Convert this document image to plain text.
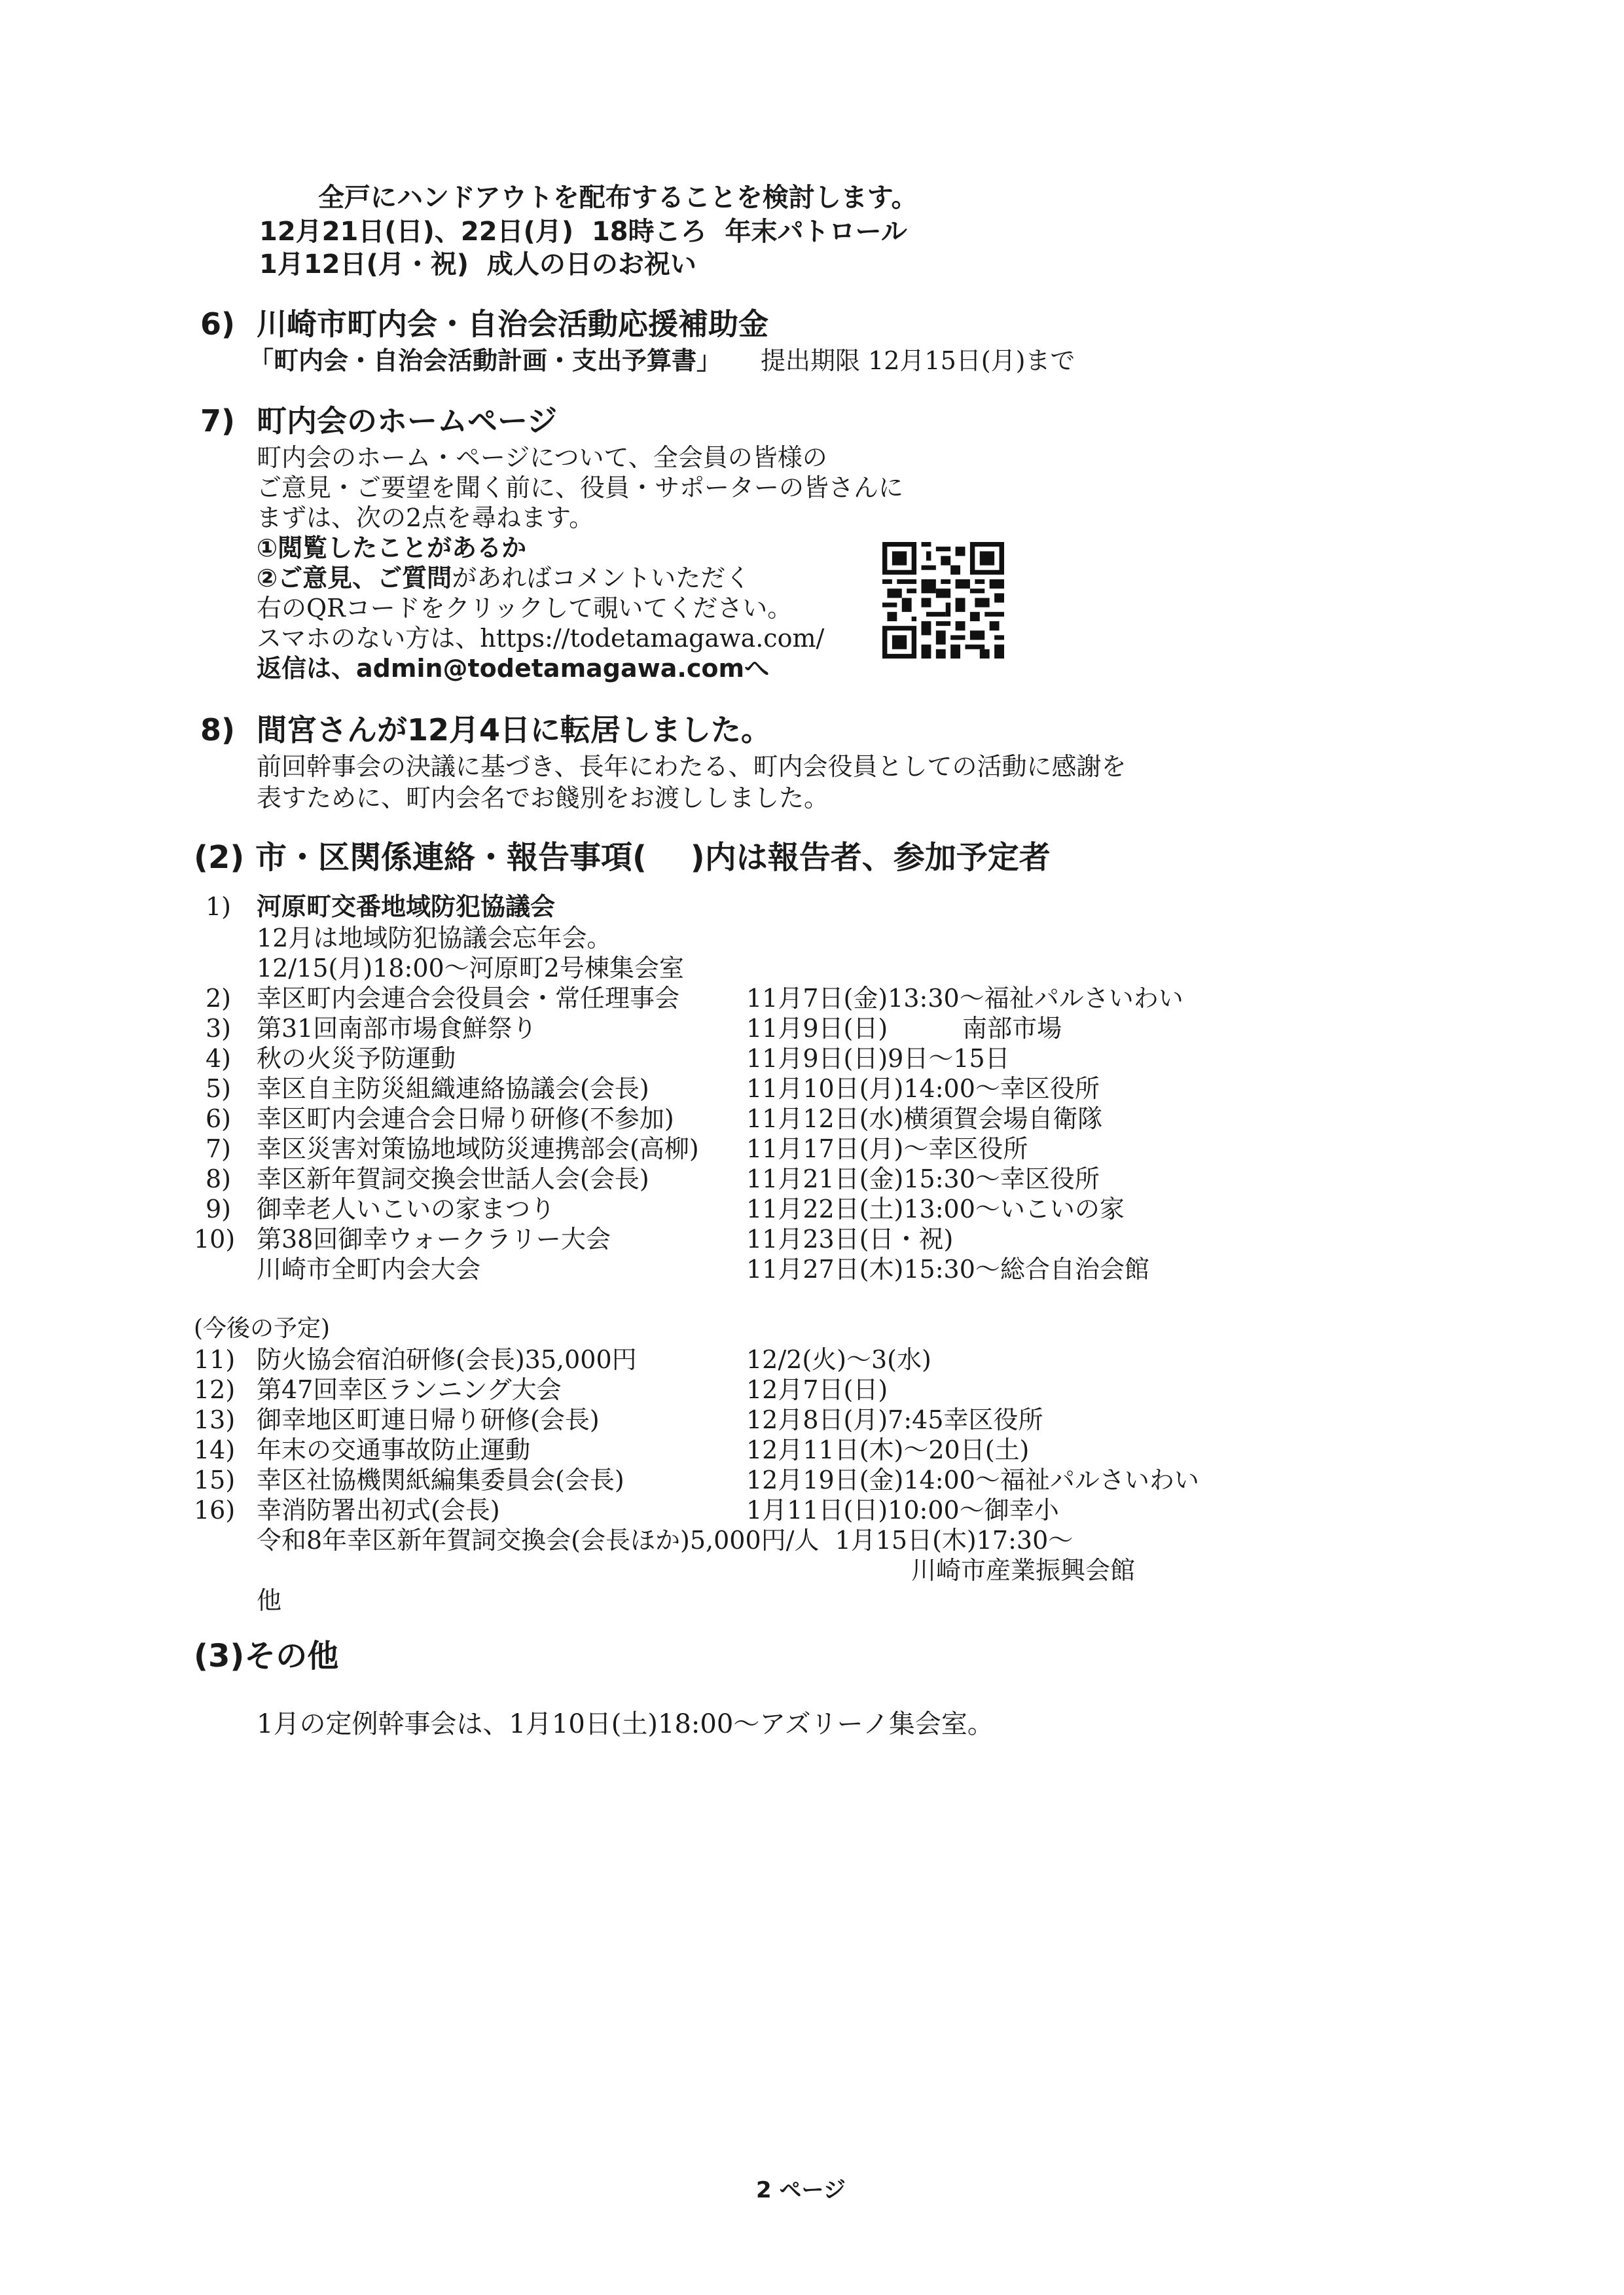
全戸にハンドアウトを配布することを検討します。
12月21日(日)、22日(月)  18時ころ  年末パトロール
1月12日(月・祝)  成人の日のお祝い
6) 川崎市町内会・自治会活動応援補助金
「町内会・自治会活動計画・支出予算書」 提出期限 12月15日(月)まで
7) 町内会のホームページ
町内会のホーム・ページについて、全会員の皆様の
ご意見・ご要望を聞く前に、役員・サポーターの皆さんに
まずは、次の2点を尋ねます。
①閲覧したことがあるか
②ご意見、ご質問があればコメントいただく
右のQRコードをクリックして覗いてください。
スマホのない方は、https://todetamagawa.com/
返信は、admin@todetamagawa.comへ
8) 間宮さんが12月4日に転居しました。
前回幹事会の決議に基づき、長年にわたる、町内会役員としての活動に感謝を
表すために、町内会名でお餞別をお渡ししました。
(2) 市・区関係連絡・報告事項(    )内は報告者、参加予定者
1) 河原町交番地域防犯協議会
12月は地域防犯協議会忘年会。
12/15(月)18:00～河原町2号棟集会室
2) 幸区町内会連合会役員会・常任理事会	11月7日(金)13:30～福祉パルさいわい
3) 第31回南部市場食鮮祭り	11月9日(日)　　　南部市場
4) 秋の火災予防運動	11月9日(日)9日～15日
5) 幸区自主防災組織連絡協議会(会長)	11月10日(月)14:00～幸区役所
6) 幸区町内会連合会日帰り研修(不参加)	11月12日(水)横須賀会場自衛隊
7) 幸区災害対策協地域防災連携部会(高柳) 11月17日(月)～幸区役所
8) 幸区新年賀詞交換会世話人会(会長)	11月21日(金)15:30～幸区役所
9) 御幸老人いこいの家まつり	11月22日(土)13:00～いこいの家
10) 第38回御幸ウォークラリー大会	11月23日(日・祝)
川崎市全町内会大会	11月27日(木)15:30～総合自治会館
(今後の予定)
11) 防火協会宿泊研修(会長)35,000円	12/2(火)～3(水)
12) 第47回幸区ランニング大会	12月7日(日)
13) 御幸地区町連日帰り研修(会長)	12月8日(月)7:45幸区役所
14) 年末の交通事故防止運動	12月11日(木)～20日(土)
15) 幸区社協機関紙編集委員会(会長)	12月19日(金)14:00～福祉パルさいわい
16) 幸消防署出初式(会長)	1月11日(日)10:00～御幸小
令和8年幸区新年賀詞交換会(会長ほか)5,000円/人  1月15日(木)17:30～
川崎市産業振興会館
他
(3)その他
1月の定例幹事会は、1月10日(土)18:00～アズリーノ集会室。
2 ページ
